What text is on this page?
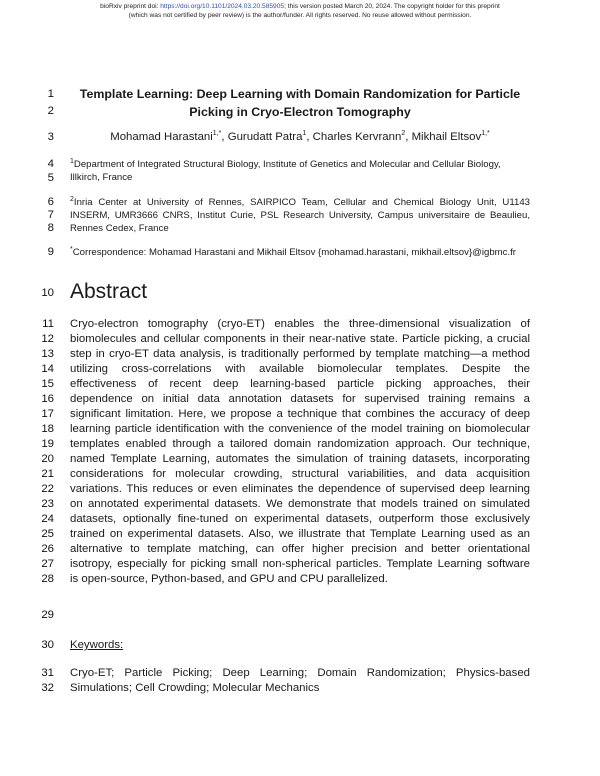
bioRxiv preprint doi: https://doi.org/10.1101/2024.03.20.585905; this version posted March 20, 2024. The copyright holder for this preprint
(which was not certified by peer review) is the author/funder. All rights reserved. No reuse allowed without permission.
1
2
3
4
5
6
7
8
9
10
11
12
13
14
15
16
17
18
19
20
21
22
23
24
25
26
27
28
29
30
31
32
Template Learning: Deep Learning with Domain Randomization for Particle
Picking in Cryo-Electron Tomography
Mohamad Harastani$^{1,*}$, Gurudatt Patra$^1$, Charles Kervrann$^2$, Mikhail Eltsov$^{1,*}$
$^1$Department of Integrated Structural Biology, Institute of Genetics and Molecular and Cellular Biology,
Illkirch, France
$^2$Inria Center at University of Rennes, SAIRPICO Team, Cellular and Chemical Biology Unit, U1143
INSERM, UMR3666 CNRS, Institut Curie, PSL Research University, Campus universitaire de Beaulieu,
Rennes Cedex, France
*Correspondence: Mohamad Harastani and Mikhail Eltsov {mohamad.harastani, mikhail.eltsov}@igbmc.fr
Abstract
Cryo-electron tomography (cryo-ET) enables the three-dimensional visualization of
biomolecules and cellular components in their near-native state. Particle picking, a crucial
step in cryo-ET data analysis, is traditionally performed by template matching—a method
utilizing cross-correlations with available biomolecular templates. Despite the
effectiveness of recent deep learning-based particle picking approaches, their
dependence on initial data annotation datasets for supervised training remains a
significant limitation. Here, we propose a technique that combines the accuracy of deep
learning particle identification with the convenience of the model training on biomolecular
templates enabled through a tailored domain randomization approach. Our technique,
named Template Learning, automates the simulation of training datasets, incorporating
considerations for molecular crowding, structural variabilities, and data acquisition
variations. This reduces or even eliminates the dependence of supervised deep learning
on annotated experimental datasets. We demonstrate that models trained on simulated
datasets, optionally fine-tuned on experimental datasets, outperform those exclusively
trained on experimental datasets. Also, we illustrate that Template Learning used as an
alternative to template matching, can offer higher precision and better orientational
isotropy, especially for picking small non-spherical particles. Template Learning software
is open-source, Python-based, and GPU and CPU parallelized.
Keywords:
Cryo-ET; Particle Picking; Deep Learning; Domain Randomization; Physics-based
Simulations; Cell Crowding; Molecular Mechanics
